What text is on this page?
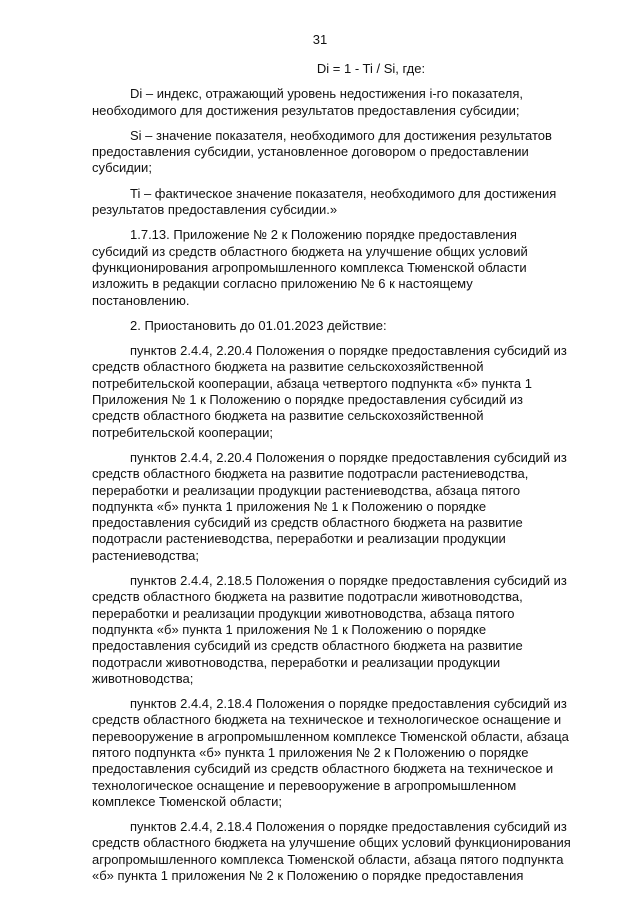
31
Di = 1 - Ti / Si, где:

Di – индекс, отражающий уровень недостижения i-го показателя,
необходимого для достижения результатов предоставления субсидии;

Si – значение показателя, необходимого для достижения результатов
предоставления субсидии, установленное договором о предоставлении
субсидии;

Ti – фактическое значение показателя, необходимого для достижения
результатов предоставления субсидии.»

1.7.13. Приложение № 2 к Положению порядке предоставления
субсидий из средств областного бюджета на улучшение общих условий
функционирования агропромышленного комплекса Тюменской области
изложить в редакции согласно приложению № 6 к настоящему
постановлению.

2. Приостановить до 01.01.2023 действие:

пунктов 2.4.4, 2.20.4 Положения о порядке предоставления субсидий из
средств областного бюджета на развитие сельскохозяйственной
потребительской кооперации, абзаца четвертого подпункта «б» пункта 1
Приложения № 1 к Положению о порядке предоставления субсидий из
средств областного бюджета на развитие сельскохозяйственной
потребительской кооперации;

пунктов 2.4.4, 2.20.4 Положения о порядке предоставления субсидий из
средств областного бюджета на развитие подотрасли растениеводства,
переработки и реализации продукции растениеводства, абзаца пятого
подпункта «б» пункта 1 приложения № 1 к Положению о порядке
предоставления субсидий из средств областного бюджета на развитие
подотрасли растениеводства, переработки и реализации продукции
растениеводства;

пунктов 2.4.4, 2.18.5 Положения о порядке предоставления субсидий из
средств областного бюджета на развитие подотрасли животноводства,
переработки и реализации продукции животноводства, абзаца пятого
подпункта «б» пункта 1 приложения № 1 к Положению о порядке
предоставления субсидий из средств областного бюджета на развитие
подотрасли животноводства, переработки и реализации продукции
животноводства;

пунктов 2.4.4, 2.18.4 Положения о порядке предоставления субсидий из
средств областного бюджета на техническое и технологическое оснащение и
перевооружение в агропромышленном комплексе Тюменской области, абзаца
пятого подпункта «б» пункта 1 приложения № 2 к Положению о порядке
предоставления субсидий из средств областного бюджета на техническое и
технологическое оснащение и перевооружение в агропромышленном
комплексе Тюменской области;

пунктов 2.4.4, 2.18.4 Положения о порядке предоставления субсидий из
средств областного бюджета на улучшение общих условий функционирования
агропромышленного комплекса Тюменской области, абзаца пятого подпункта
«б» пункта 1 приложения № 2 к Положению о порядке предоставления
